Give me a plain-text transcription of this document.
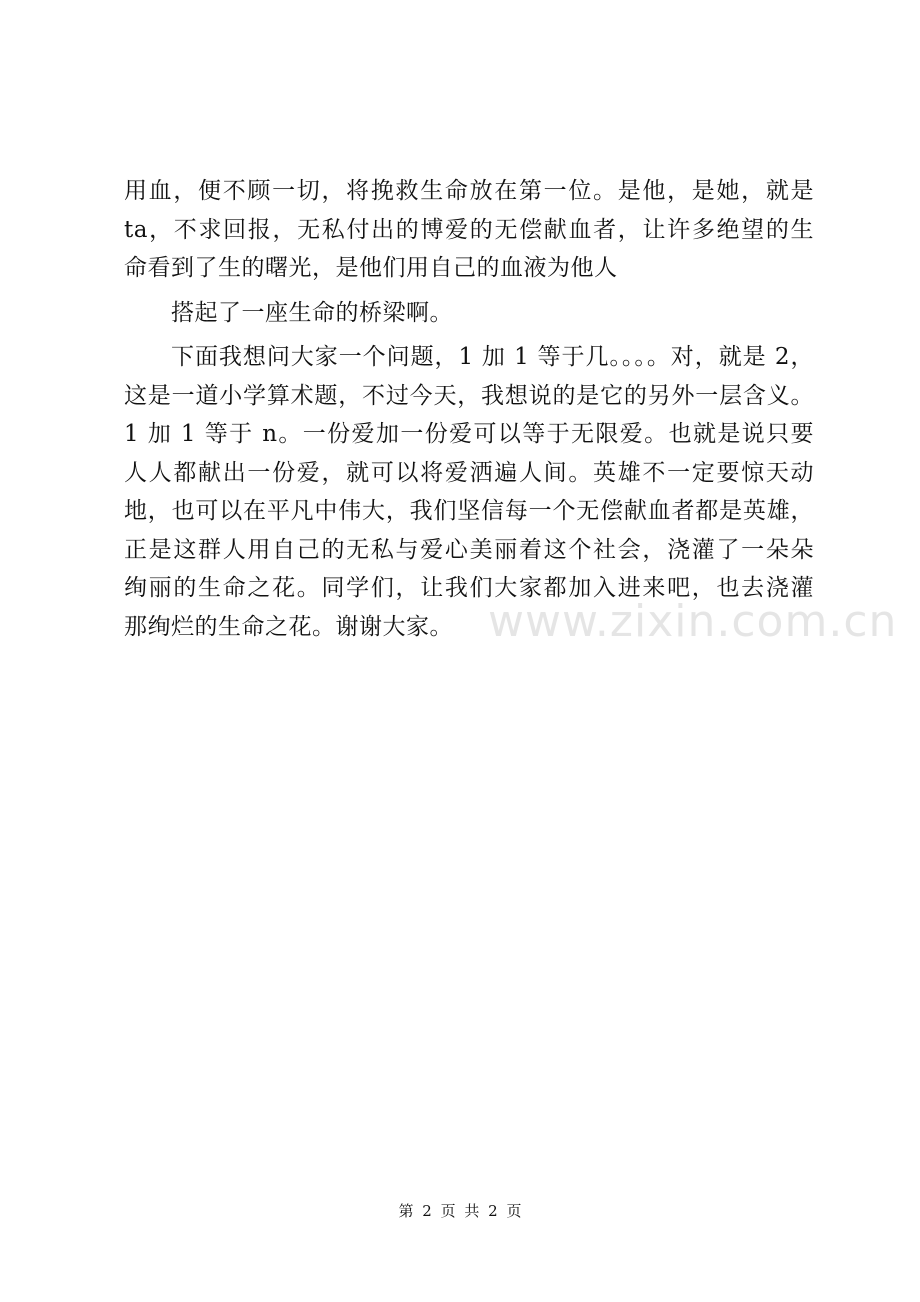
用血，便不顾一切，将挽救生命放在第一位。是他，是她，就是
ta，不求回报，无私付出的博爱的无偿献血者，让许多绝望的生
命看到了生的曙光，是他们用自己的血液为他人
搭起了一座生命的桥梁啊。
下面我想问大家一个问题，1 加 1 等于几。。。。对，就是 2，
这是一道小学算术题，不过今天，我想说的是它的另外一层含义。
1 加 1 等于 n。一份爱加一份爱可以等于无限爱。也就是说只要
人人都献出一份爱，就可以将爱洒遍人间。英雄不一定要惊天动
地，也可以在平凡中伟大，我们坚信每一个无偿献血者都是英雄，
正是这群人用自己的无私与爱心美丽着这个社会，浇灌了一朵朵
绚丽的生命之花。同学们，让我们大家都加入进来吧，也去浇灌
那绚烂的生命之花。谢谢大家。 www.zixin.com.cn
第 2 页 共 2 页
